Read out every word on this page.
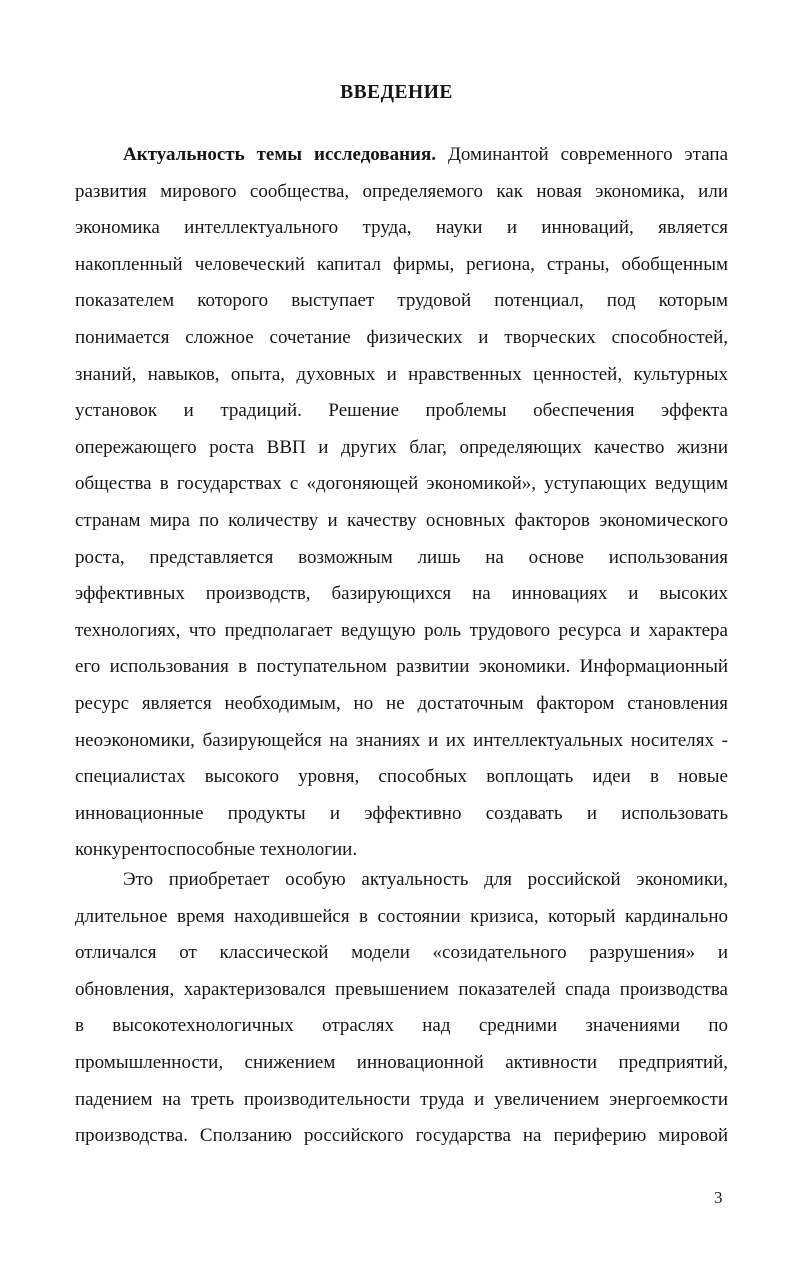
ВВЕДЕНИЕ
Актуальность темы исследования. Доминантой современного этапа
развития мирового сообщества, определяемого как новая экономика, или
экономика интеллектуального труда, науки и инноваций, является
накопленный человеческий капитал фирмы, региона, страны, обобщенным
показателем которого выступает трудовой потенциал, под которым
понимается сложное сочетание физических и творческих способностей,
знаний, навыков, опыта, духовных и нравственных ценностей, культурных
установок и традиций. Решение проблемы обеспечения эффекта
опережающего роста ВВП и других благ, определяющих качество жизни
общества в государствах с «догоняющей экономикой», уступающих ведущим
странам мира по количеству и качеству основных факторов экономического
роста, представляется возможным лишь на основе использования
эффективных производств, базирующихся на инновациях и высоких
технологиях, что предполагает ведущую роль трудового ресурса и характера
его использования в поступательном развитии экономики. Информационный
ресурс является необходимым, но не достаточным фактором становления
неоэкономики, базирующейся на знаниях и их интеллектуальных носителях -
специалистах высокого уровня, способных воплощать идеи в новые
инновационные продукты и эффективно создавать и использовать
конкурентоспособные технологии.
Это приобретает особую актуальность для российской экономики,
длительное время находившейся в состоянии кризиса, который кардинально
отличался от классической модели «созидательного разрушения» и
обновления, характеризовался превышением показателей спада производства
в высокотехнологичных отраслях над средними значениями по
промышленности, снижением инновационной активности предприятий,
падением на треть производительности труда и увеличением энергоемкости
производства. Сползанию российского государства на периферию мировой
3
